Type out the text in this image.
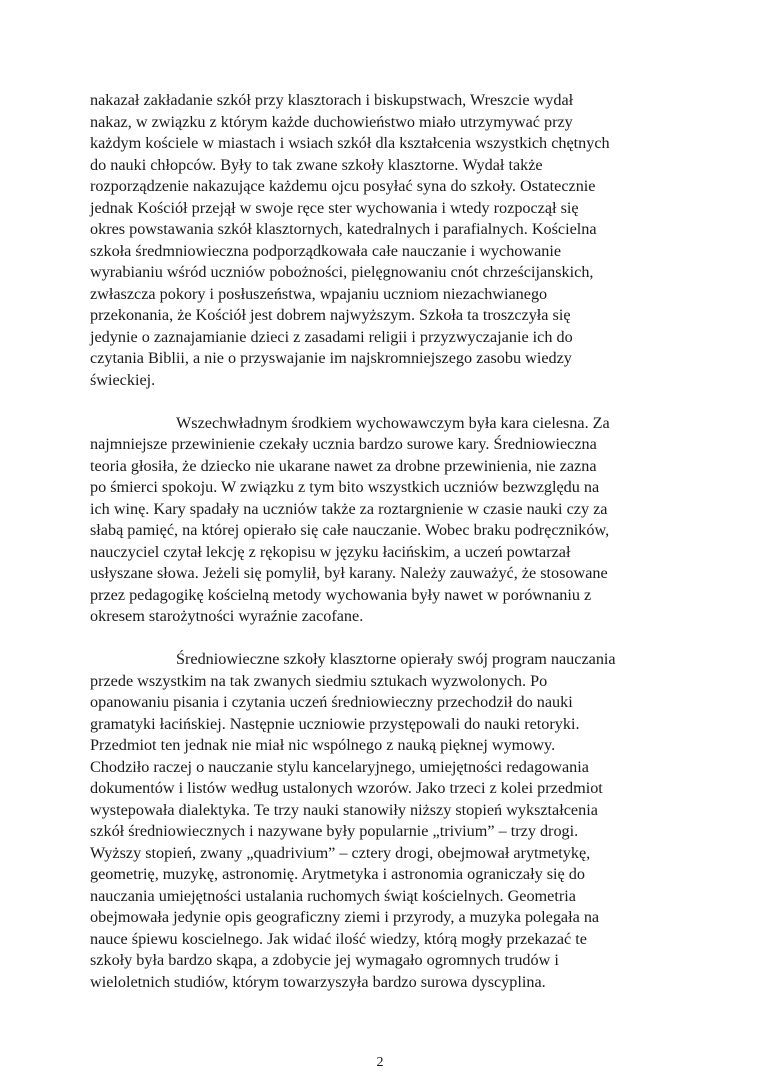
nakazał zakładanie szkół przy klasztorach i biskupstwach, Wreszcie wydał
nakaz, w związku z którym każde duchowieństwo miało utrzymywać przy
każdym kościele w miastach i wsiach szkół dla kształcenia wszystkich chętnych
do nauki chłopców. Były to tak zwane szkoły klasztorne. Wydał także
rozporządzenie nakazujące każdemu ojcu posyłać syna do szkoły. Ostatecznie
jednak Kościół przejął w swoje ręce ster wychowania i wtedy rozpoczął się
okres powstawania szkół klasztornych, katedralnych i parafialnych. Kościelna
szkoła średmniowieczna podporządkowała całe nauczanie i wychowanie
wyrabianiu wśród uczniów pobożności, pielęgnowaniu cnót chrześcijanskich,
zwłaszcza pokory i posłuszeństwa, wpajaniu uczniom niezachwianego
przekonania, że Kościół jest dobrem najwyższym. Szkoła ta troszczyła się
jedynie o zaznajamianie dzieci z zasadami religii i przyzwyczajanie ich do
czytania Biblii, a nie o przyswajanie im najskromniejszego zasobu wiedzy
świeckiej.
Wszechwładnym środkiem wychowawczym była kara cielesna. Za
najmniejsze przewinienie czekały ucznia bardzo surowe kary. Średniowieczna
teoria głosiła, że dziecko nie ukarane nawet za drobne przewinienia, nie zazna
po śmierci spokoju. W związku z tym bito wszystkich uczniów bezwzględu na
ich winę. Kary spadały na uczniów także za roztargnienie w czasie nauki czy za
słabą pamięć, na której opierało się całe nauczanie. Wobec braku podręczników,
nauczyciel czytał lekcję z rękopisu w języku łacińskim, a uczeń powtarzał
usłyszane słowa. Jeżeli się pomylił, był karany. Należy zauważyć, że stosowane
przez pedagogikę kościelną metody wychowania były nawet w porównaniu z
okresem starożytności wyraźnie zacofane.
Średniowieczne szkoły klasztorne opierały swój program nauczania
przede wszystkim na tak zwanych siedmiu sztukach wyzwolonych. Po
opanowaniu pisania i czytania uczeń średniowieczny przechodził do nauki
gramatyki łacińskiej. Następnie uczniowie przystępowali do nauki retoryki.
Przedmiot ten jednak nie miał nic wspólnego z nauką pięknej wymowy.
Chodziło raczej o nauczanie stylu kancelaryjnego, umiejętności redagowania
dokumentów i listów według ustalonych wzorów. Jako trzeci z kolei przedmiot
wystepowała dialektyka. Te trzy nauki stanowiły niższy stopień wykształcenia
szkół średniowiecznych i nazywane były popularnie „trivium” – trzy drogi.
Wyższy stopień, zwany „quadrivium” – cztery drogi, obejmował arytmetykę,
geometrię, muzykę, astronomię. Arytmetyka i astronomia ograniczały się do
nauczania umiejętności ustalania ruchomych świąt kościelnych. Geometria
obejmowała jedynie opis geograficzny ziemi i przyrody, a muzyka polegała na
nauce śpiewu koscielnego. Jak widać ilość wiedzy, którą mogły przekazać te
szkoły była bardzo skąpa, a zdobycie jej wymagało ogromnych trudów i
wieloletnich studiów, którym towarzyszyła bardzo surowa dyscyplina.
2
